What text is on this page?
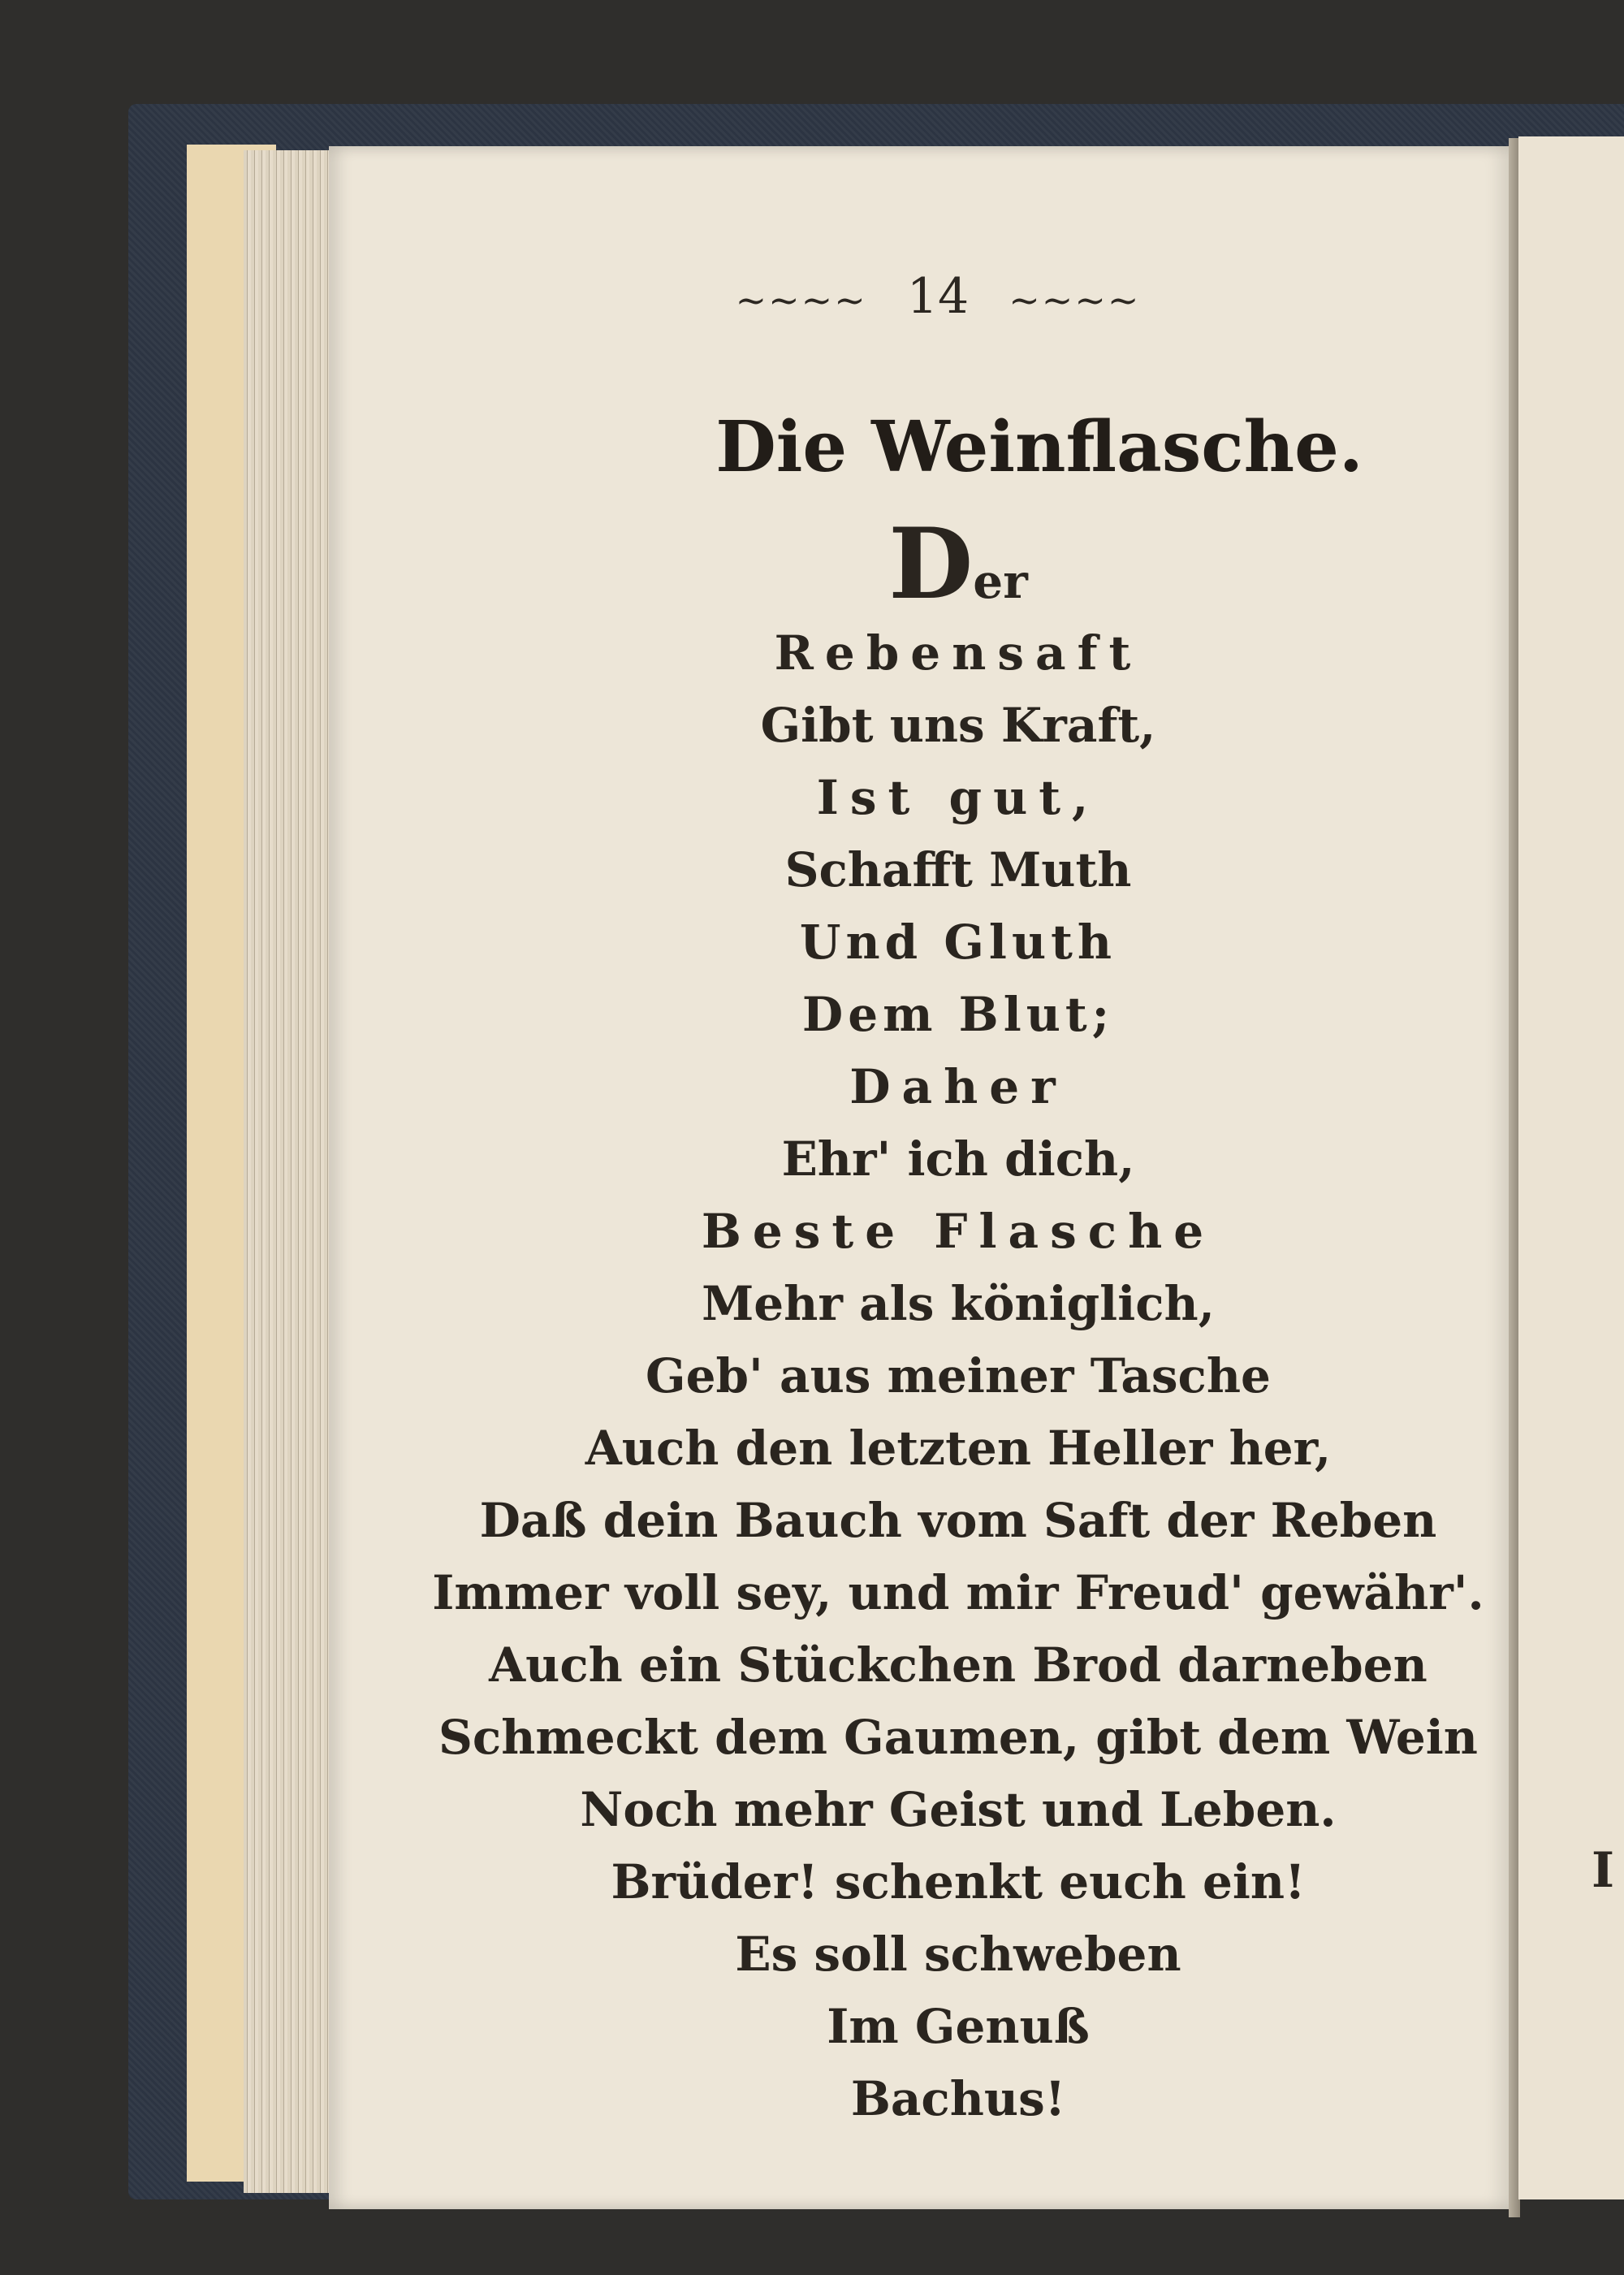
I
~~~~ 14 ~~~~
Die Weinflasche.
Der
Rebensaft
Gibt uns Kraft,
Ist gut,
Schafft Muth
Und Gluth
Dem Blut;
Daher
Ehr' ich dich,
Beste Flasche
Mehr als königlich,
Geb' aus meiner Tasche
Auch den letzten Heller her,
Daß dein Bauch vom Saft der Reben
Immer voll sey, und mir Freud' gewähr'.
Auch ein Stückchen Brod darneben
Schmeckt dem Gaumen, gibt dem Wein
Noch mehr Geist und Leben.
Brüder! schenkt euch ein!
Es soll schweben
Im Genuß
Bachus!
